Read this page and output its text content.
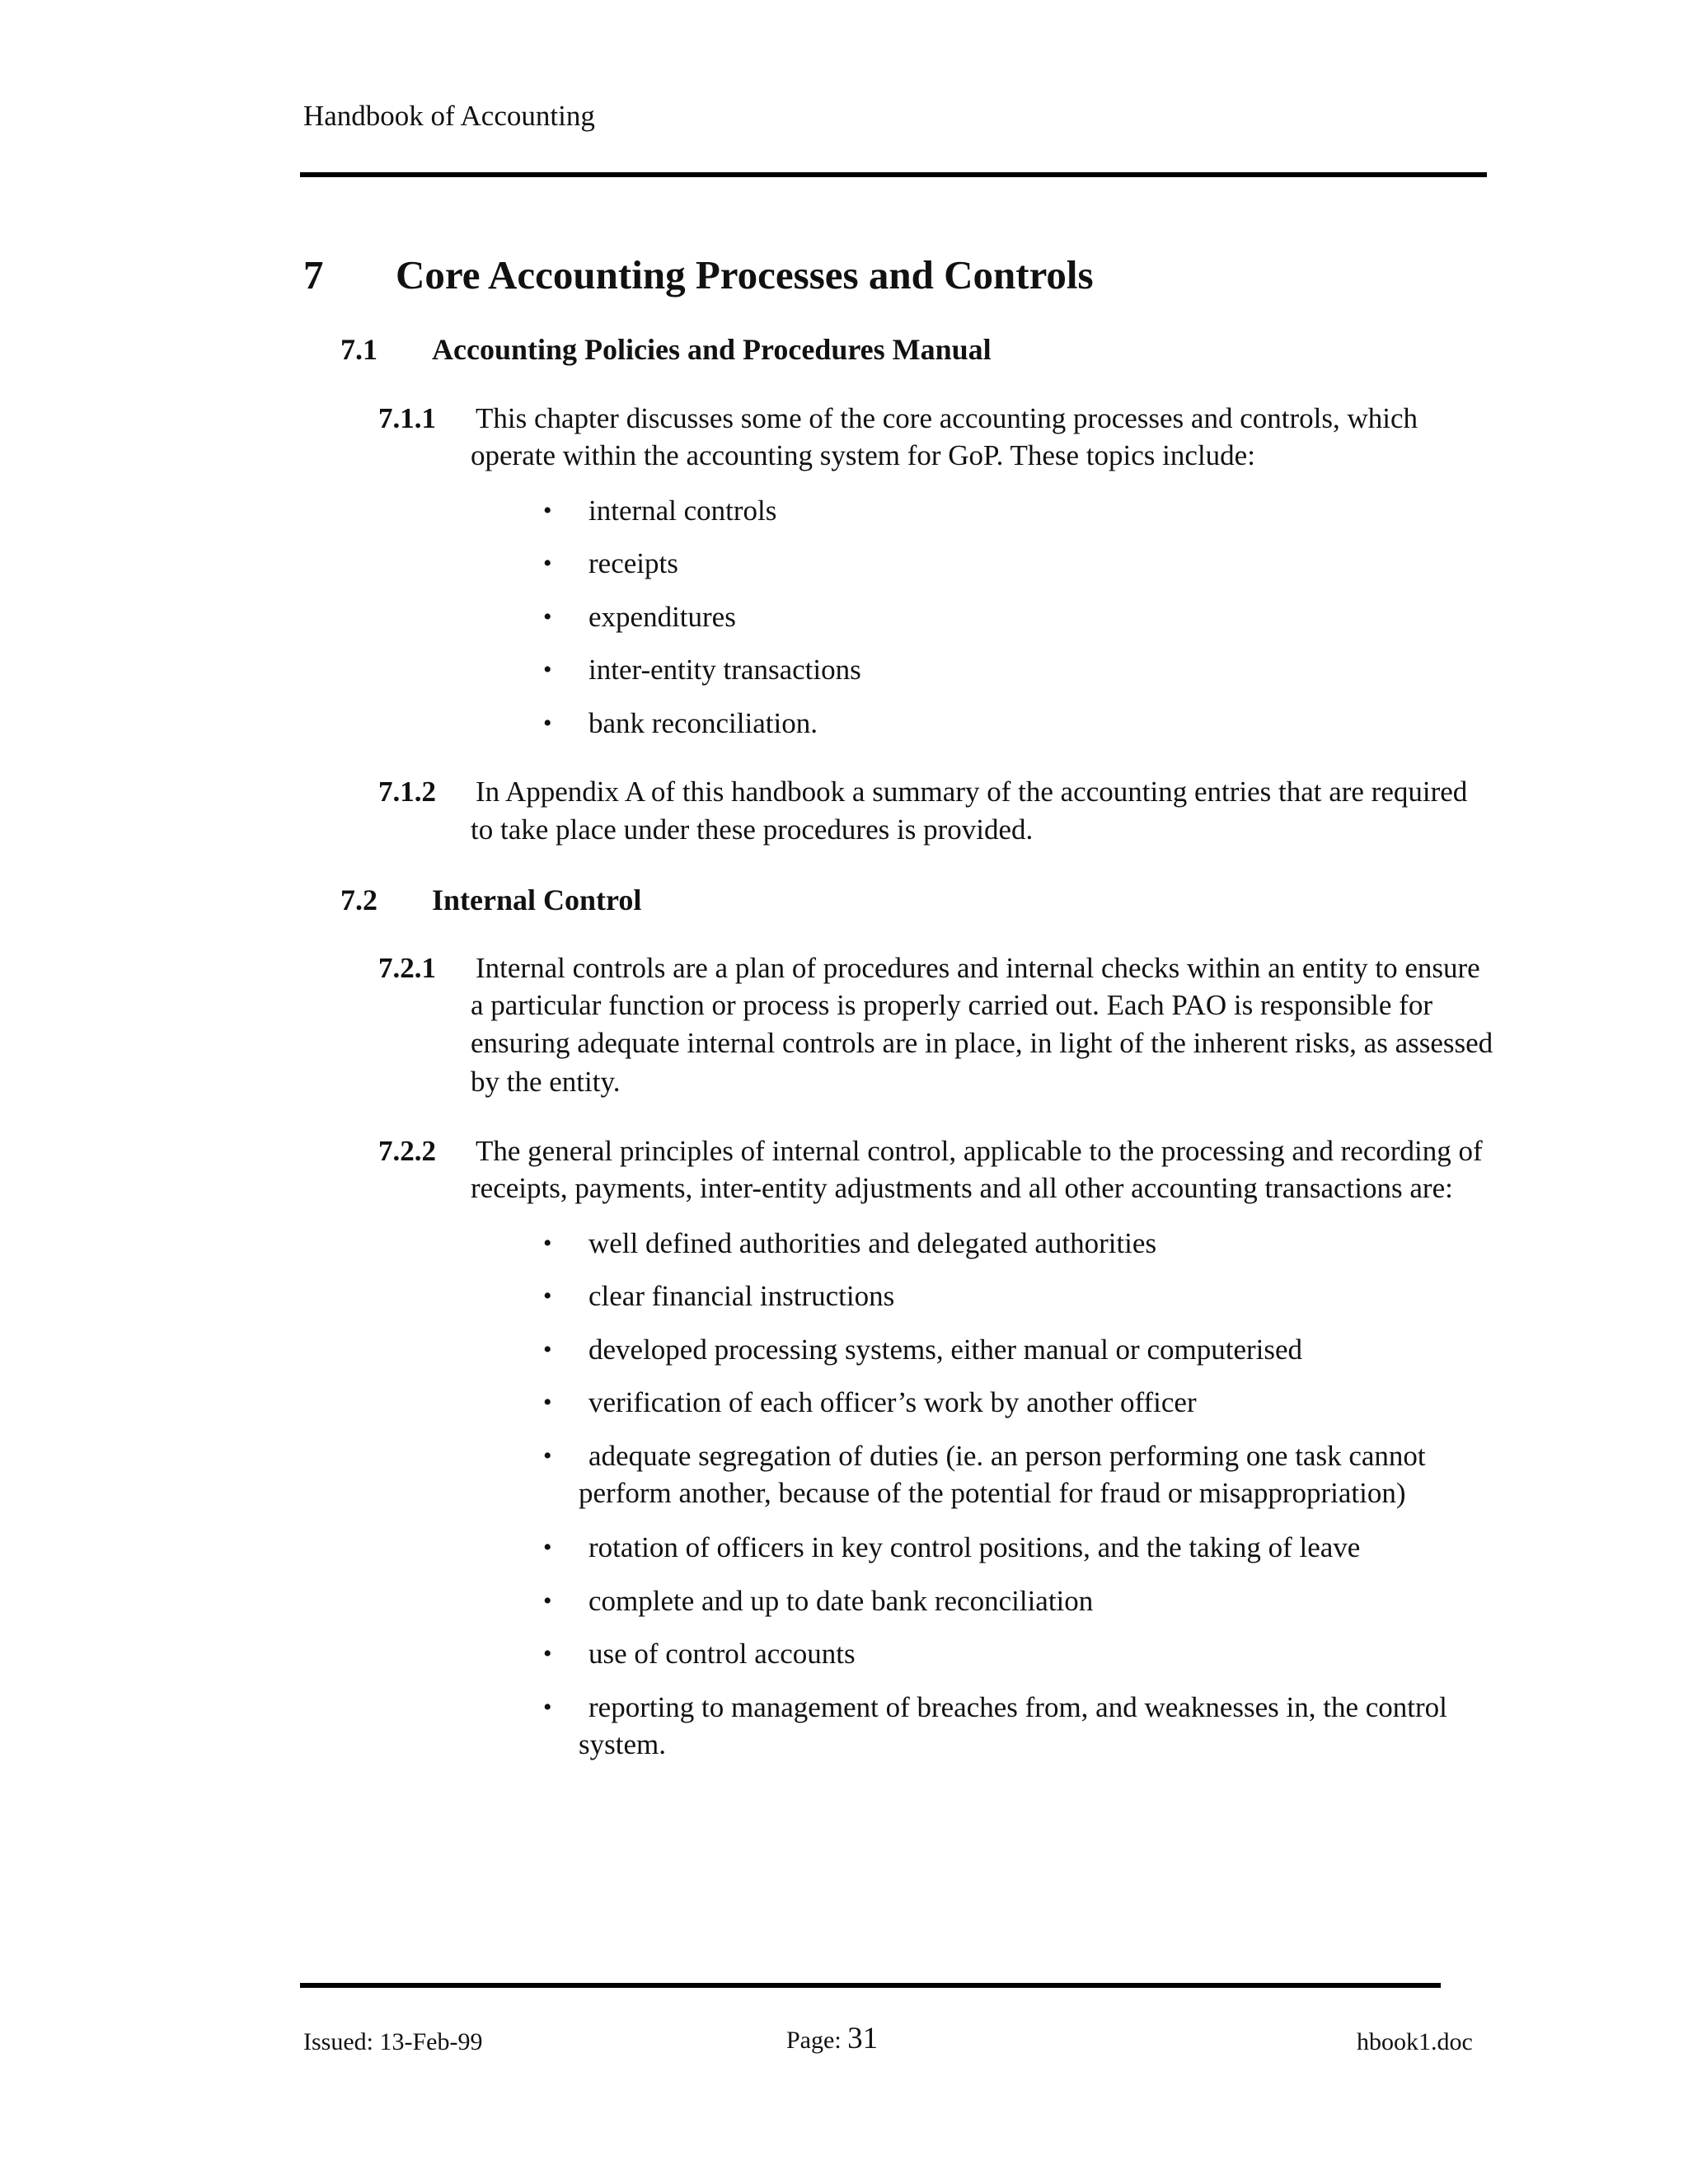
Handbook of Accounting
7 Core Accounting Processes and Controls
7.1 Accounting Policies and Procedures Manual
7.1.1 This chapter discusses some of the core accounting processes and controls, which
operate within the accounting system for GoP. These topics include:
• internal controls
• receipts
• expenditures
• inter-entity transactions
• bank reconciliation.
7.1.2 In Appendix A of this handbook a summary of the accounting entries that are required
to take place under these procedures is provided.
7.2 Internal Control
7.2.1 Internal controls are a plan of procedures and internal checks within an entity to ensure
a particular function or process is properly carried out. Each PAO is responsible for
ensuring adequate internal controls are in place, in light of the inherent risks, as assessed
by the entity.
7.2.2 The general principles of internal control, applicable to the processing and recording of
receipts, payments, inter-entity adjustments and all other accounting transactions are:
• well defined authorities and delegated authorities
• clear financial instructions
• developed processing systems, either manual or computerised
• verification of each officer’s work by another officer
• adequate segregation of duties (ie. an person performing one task cannot
perform another, because of the potential for fraud or misappropriation)
• rotation of officers in key control positions, and the taking of leave
• complete and up to date bank reconciliation
• use of control accounts
• reporting to management of breaches from, and weaknesses in, the control
system.
Issued: 13-Feb-99	Page: 31	hbook1.doc
